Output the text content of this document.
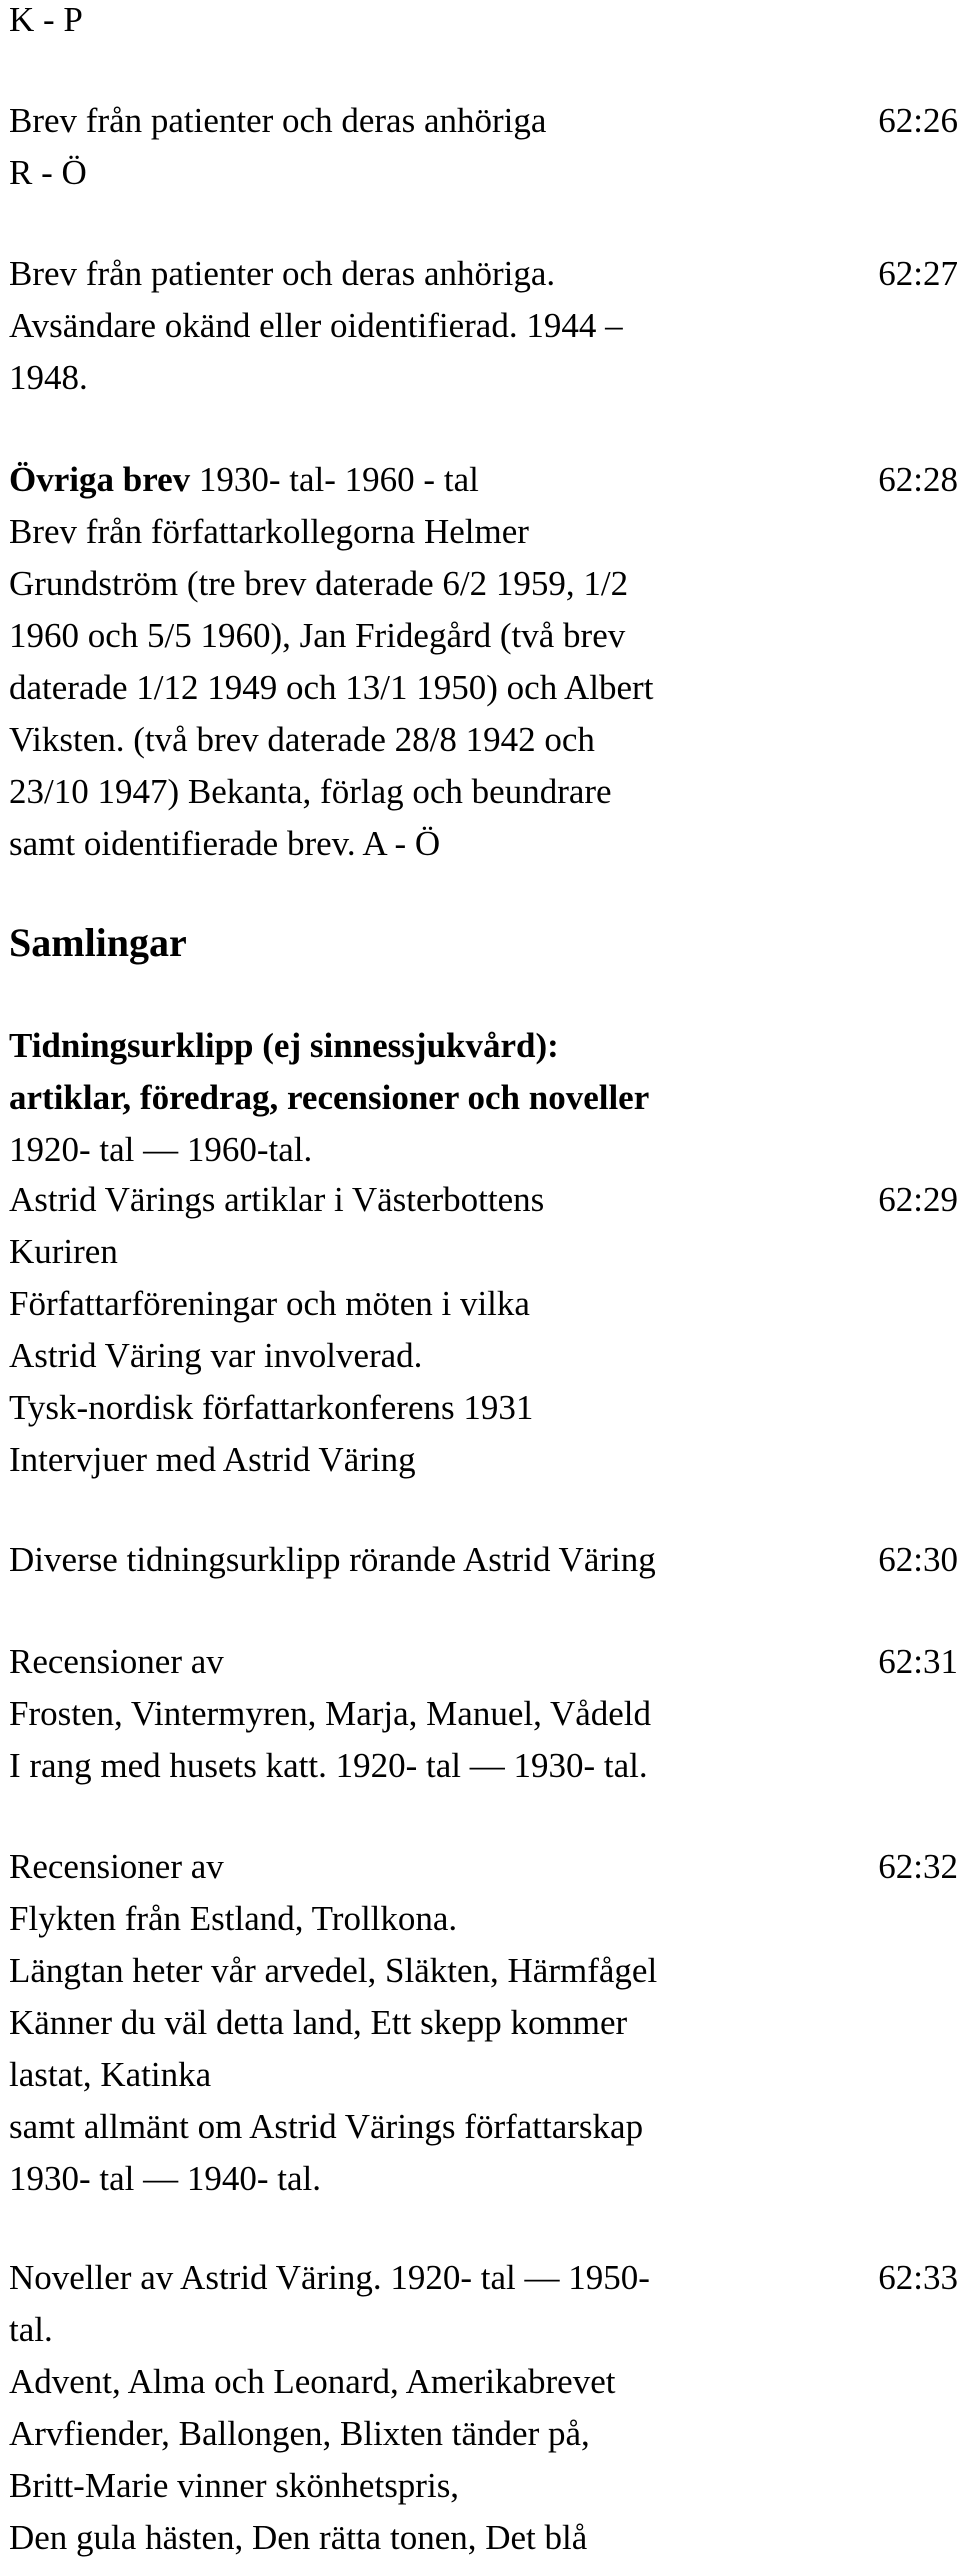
K - P
Brev från patienter och deras anhöriga
R - Ö
62:26
Brev från patienter och deras anhöriga.
Avsändare okänd eller oidentifierad. 1944 –
1948.
62:27
Övriga brev 1930- tal- 1960 - tal
Brev från författarkollegorna Helmer
Grundström (tre brev daterade 6/2 1959, 1/2
1960 och 5/5 1960), Jan Fridegård (två brev
daterade 1/12 1949 och 13/1 1950) och Albert
Viksten. (två brev daterade 28/8 1942 och
23/10 1947) Bekanta, förlag och beundrare
samt oidentifierade brev. A - Ö
62:28
Samlingar
Tidningsurklipp (ej sinnessjukvård):
artiklar, föredrag, recensioner och noveller
1920- tal — 1960-tal.
Astrid Värings artiklar i Västerbottens
Kuriren
Författarföreningar och möten i vilka
Astrid Väring var involverad.
Tysk-nordisk författarkonferens 1931
Intervjuer med Astrid Väring
62:29
Diverse tidningsurklipp rörande Astrid Väring	62:30
Recensioner av
Frosten, Vintermyren, Marja, Manuel, Vådeld
I rang med husets katt. 1920- tal — 1930- tal.
62:31
Recensioner av
Flykten från Estland, Trollkona.
Längtan heter vår arvedel, Släkten, Härmfågel
Känner du väl detta land, Ett skepp kommer
lastat, Katinka
samt allmänt om Astrid Värings författarskap
1930- tal — 1940- tal.
62:32
Noveller av Astrid Väring. 1920- tal — 1950-
tal.
Advent, Alma och Leonard, Amerikabrevet
Arvfiender, Ballongen, Blixten tänder på,
Britt-Marie vinner skönhetspris,
Den gula hästen, Den rätta tonen, Det blå
62:33
